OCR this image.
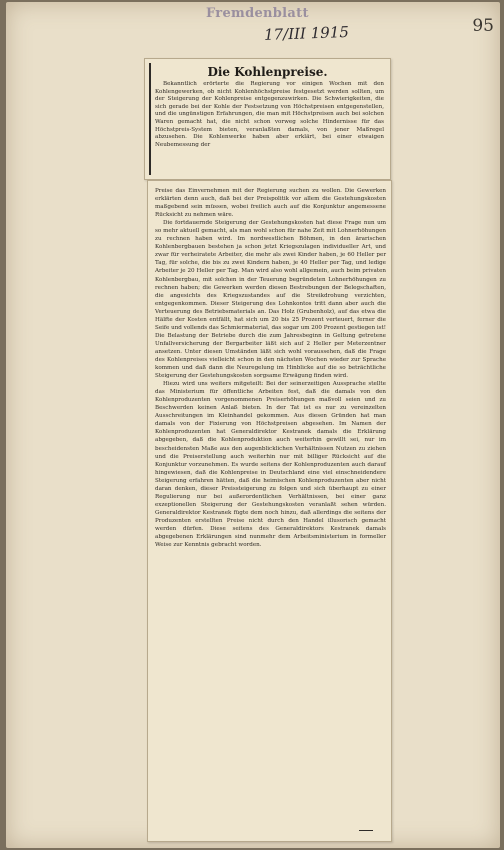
Fremdenblatt
17/III 1915	95
Die Kohlenpreise.

Bekanntlich erörterte die Regierung vor einigen Wochen mit den Kohlengewerken, ob nicht Kohlenhöchstpreise festgesetzt werden sollten, um der Steigerung der Kohlenpreise entgegenzuwirken. Die Schwierigkeiten, die sich gerade bei der Kohle der Festsetzung von Höchstpreisen entgegenstellen, und die ungünstigen Erfahrungen, die man mit Höchstpreisen auch bei solchen Waren gemacht hat, die nicht schon vorweg solche Hindernisse für das Höchstpreis-System bieten, veranlaßten damals, von jener Maßregel abzusehen. Die Kohlenwerke haben aber erklärt, bei einer etwaigen Neubemessung der

Preise das Einvernehmen mit der Regierung suchen zu wollen. Die Gewerken erklärten denn auch, daß bei der Preispolitik vor allem die Gestehungskosten maßgebend sein müssen, wobei freilich auch auf die Konjunktur angemessene Rücksicht zu nehmen wäre.

Die fortdauernde Steigerung der Gestehungskosten hat diese Frage nun um so mehr aktuell gemacht, als man wohl schon für nahe Zeit mit Lohnerhöhungen zu rechnen haben wird. Im nordwestlichen Böhmen, in den ärarischen Kohlenbergbauen bestehen ja schon jetzt Kriegszulagen individueller Art, und zwar für verheiratete Arbeiter, die mehr als zwei Kinder haben, je 60 Heller per Tag, für solche, die bis zu zwei Kindern haben, je 40 Heller per Tag, und ledige Arbeiter je 20 Heller per Tag. Man wird also wohl allgemein, auch beim privaten Kohlenbergbau, mit solchen in der Teuerung begründeten Lohnerhöhungen zu rechnen haben; die Gewerken werden diesen Bestrebungen der Belegschaften, die angesichts des Kriegszustandes auf die Streikdrohung verzichten, entgegenkommen. Dieser Steigerung des Lohnkontos tritt dann aber auch die Verteuerung des Betriebsmaterials an. Das Holz (Grubenholz), auf das etwa die Hälfte der Kosten entfällt, hat sich um 20 bis 25 Prozent verteuert, ferner die Seife und vollends das Schmiermaterial, das sogar um 200 Prozent gestiegen ist! Die Belastung der Betriebe durch die zum Jahresbeginn in Geltung getretene Unfallversicherung der Bergarbeiter läßt sich auf 2 Heller per Meterzentner ansetzen. Unter diesen Umständen läßt sich wohl voraussehen, daß die Frage des Kohlenpreises vielleicht schon in den nächsten Wochen wieder zur Sprache kommen und daß dann die Neuregelung im Hinblicke auf die so beträchtliche Steigerung der Gestehungskosten sorgsame Erwägung finden wird.

Hiezu wird uns weiters mitgeteilt: Bei der seinerzeitigen Aussprache stellte das Ministerium für öffentliche Arbeiten fest, daß die damals von den Kohlenproduzenten vorgenommenen Preiserhöhungen maßvoll seien und zu Beschwerden keinen Anlaß bieten. In der Tat ist es nur zu vereinzelten Ausschreitungen im Kleinhandel gekommen. Aus diesen Gründen hat man damals von der Fixierung von Höchstpreisen abgesehen. Im Namen der Kohlenproduzenten hat Generaldirektor Kestranek damals die Erklärung abgegeben, daß die Kohlenproduktion auch weiterhin gewillt sei, nur im bescheidensten Maße aus den augenblicklichen Verhältnissen Nutzen zu ziehen und die Preiserstellung auch weiterhin nur mit billiger Rücksicht auf die Konjunktur vorzunehmen. Es wurde seitens der Kohlenproduzenten auch darauf hingewiesen, daß die Kohlenpreise in Deutschland eine viel einschneidendere Steigerung erfahren hätten, daß die heimischen Kohlenproduzenten aber nicht daran denken, dieser Preissteigerung zu folgen und sich überhaupt zu einer Regulierung nur bei außerordentlichen Verhältnissen, bei einer ganz exzeptionellen Steigerung der Gestehungskosten veranlaßt sehen würden. Generaldirektor Kestranek fügte dem noch hinzu, daß allerdings die seitens der Produzenten erstellten Preise nicht durch den Handel illusorisch gemacht werden dürfen. Diese seitens des Generaldirektors Kestranek damals abgegebenen Erklärungen sind nunmehr dem Arbeitsministerium in formeller Weise zur Kenntnis gebracht worden.
